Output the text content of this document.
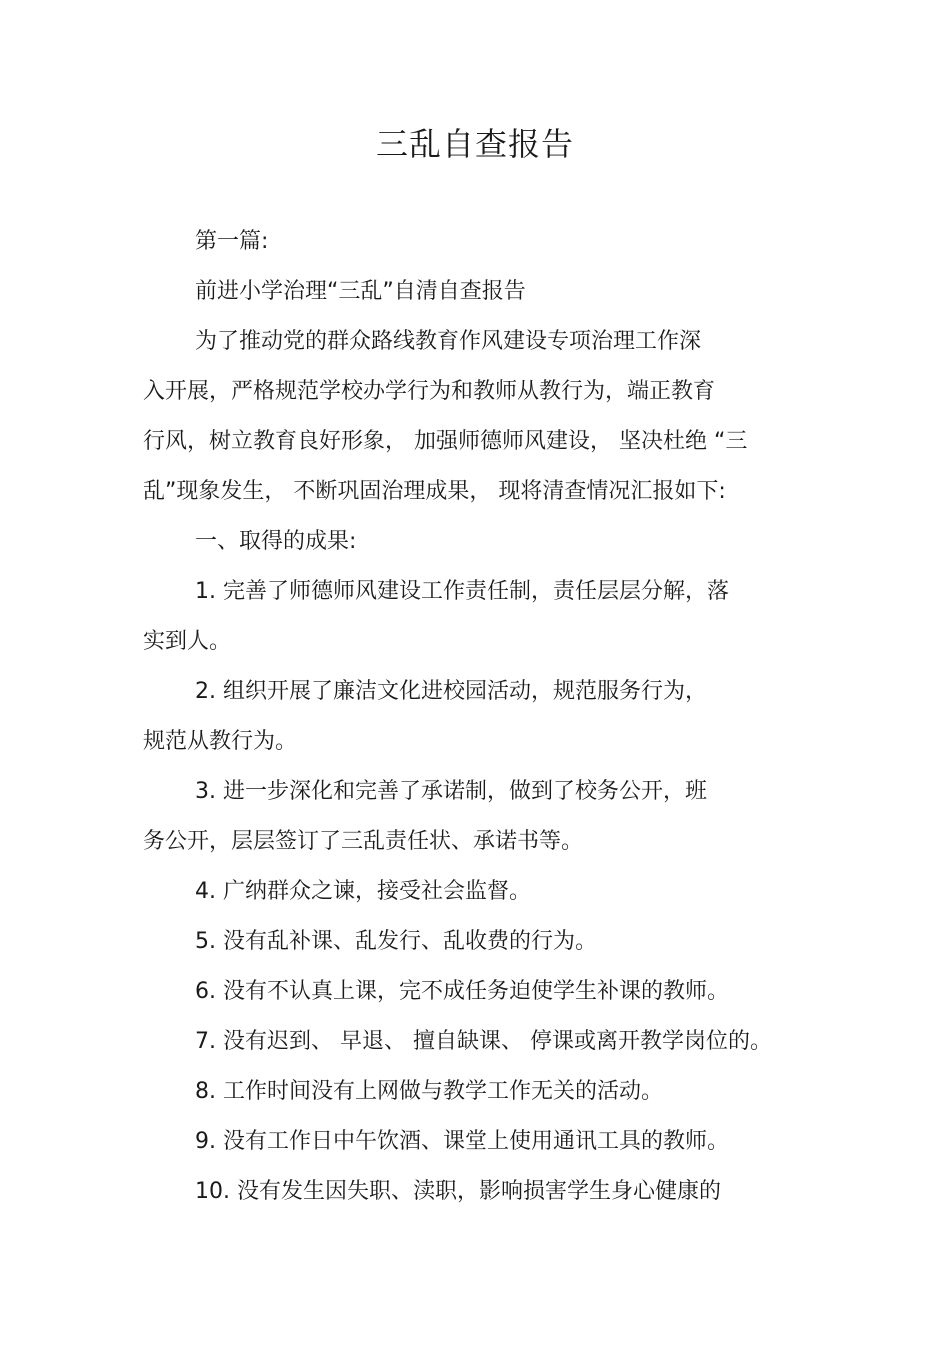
三乱自查报告
第一篇:
前进小学治理“三乱”自清自查报告
为了推动党的群众路线教育作风建设专项治理工作深
入开展，严格规范学校办学行为和教师从教行为，端正教育
行风，树立教育良好形象， 加强师德师风建设， 坚决杜绝 “三
乱”现象发生， 不断巩固治理成果， 现将清查情况汇报如下:
一、取得的成果:
1. 完善了师德师风建设工作责任制，责任层层分解，落
实到人。
2. 组织开展了廉洁文化进校园活动，规范服务行为，
规范从教行为。
3. 进一步深化和完善了承诺制，做到了校务公开，班
务公开，层层签订了三乱责任状、承诺书等。
4. 广纳群众之谏，接受社会监督。
5. 没有乱补课、乱发行、乱收费的行为。
6. 没有不认真上课，完不成任务迫使学生补课的教师。
7. 没有迟到、 早退、 擅自缺课、 停课或离开教学岗位的。
8. 工作时间没有上网做与教学工作无关的活动。
9. 没有工作日中午饮酒、课堂上使用通讯工具的教师。
10. 没有发生因失职、渎职，影响损害学生身心健康的
